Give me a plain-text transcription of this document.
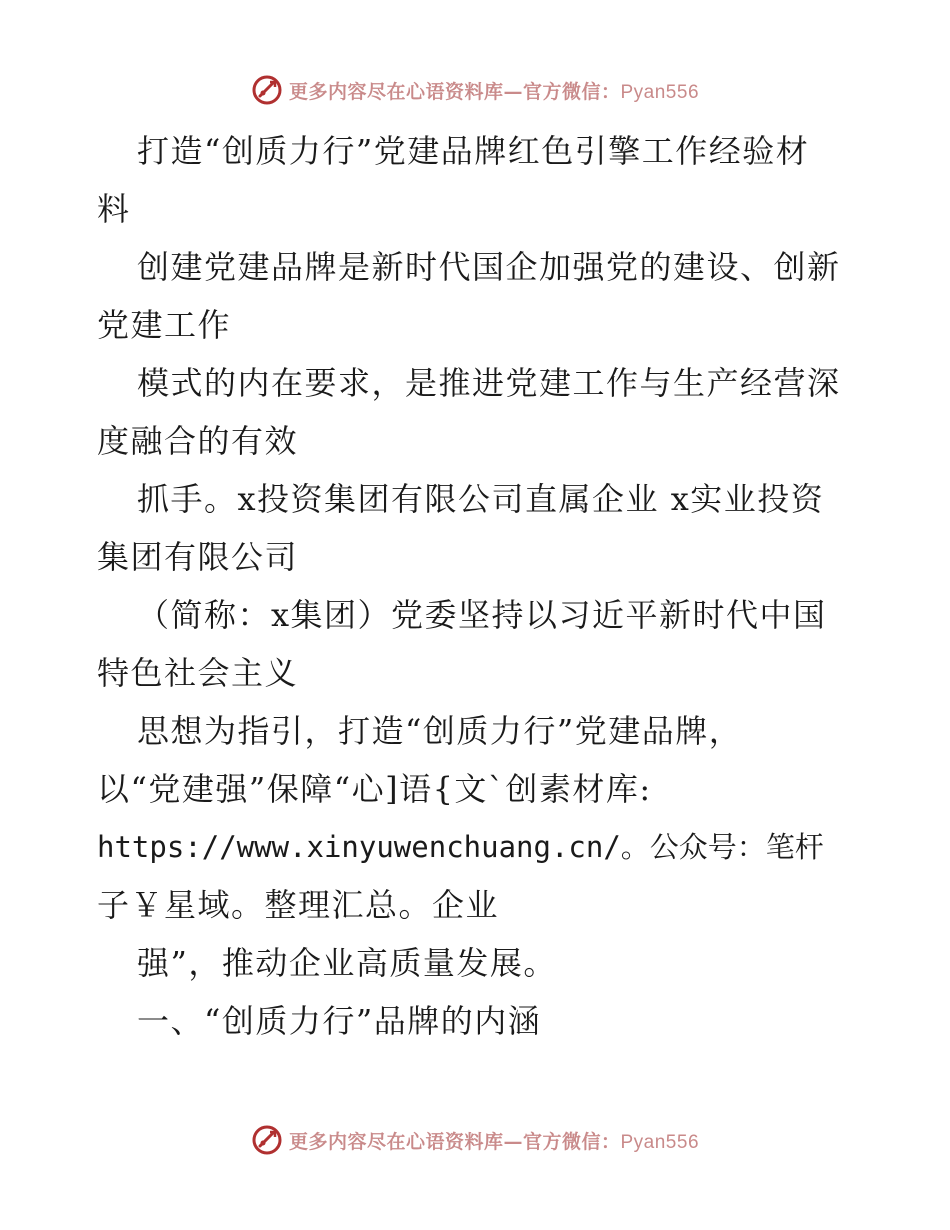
更多内容尽在心语资料库—官方微信：Pyan556
打造“创质力行”党建品牌红色引擎工作经验材
料
创建党建品牌是新时代国企加强党的建设、创新
党建工作
模式的内在要求，是推进党建工作与生产经营深
度融合的有效
抓手。x投资集团有限公司直属企业 x实业投资
集团有限公司
（简称：x集团）党委坚持以习近平新时代中国
特色社会主义
思想为指引，打造“创质力行”党建品牌，
以“党建强”保障“心]语{文`创素材库:
https://www.xinyuwenchuang.cn/。公众号：笔杆
子￥星域。整理汇总。企业
强”，推动企业高质量发展。
一、“创质力行”品牌的内涵
更多内容尽在心语资料库—官方微信：Pyan556
